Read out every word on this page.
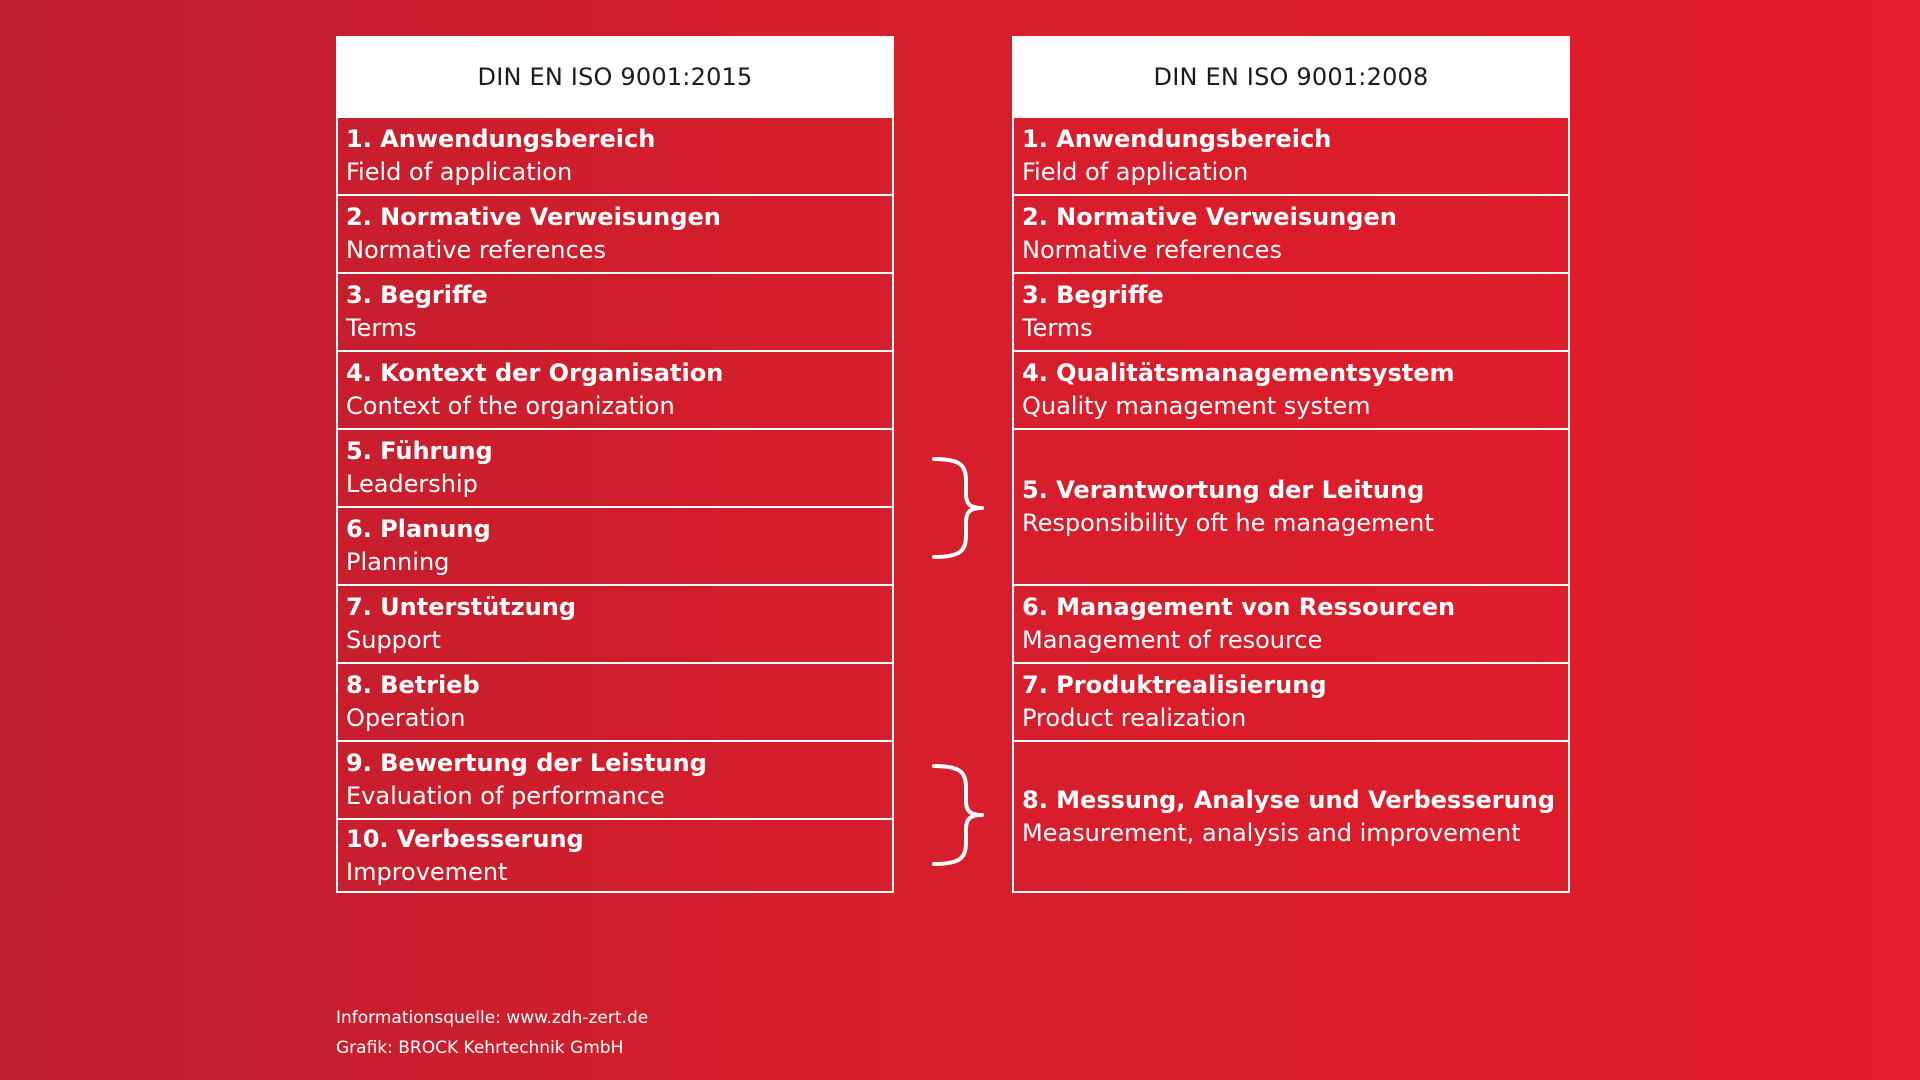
DIN EN ISO 9001:2015
1. Anwendungsbereich
Field of application
2. Normative Verweisungen
Normative references
3. Begriffe
Terms
4. Kontext der Organisation
Context of the organization
5. Führung
Leadership
6. Planung
Planning
7. Unterstützung
Support
8. Betrieb
Operation
9. Bewertung der Leistung
Evaluation of performance
10. Verbesserung
Improvement
DIN EN ISO 9001:2008
1. Anwendungsbereich
Field of application
2. Normative Verweisungen
Normative references
3. Begriffe
Terms
4. Qualitätsmanagementsystem
Quality management system
5. Verantwortung der Leitung
Responsibility oft he management
6. Management von Ressourcen
Management of resource
7. Produktrealisierung
Product realization
8. Messung, Analyse und Verbesserung
Measurement, analysis and improvement
Informationsquelle: www.zdh-zert.de
Grafik: BROCK Kehrtechnik GmbH
